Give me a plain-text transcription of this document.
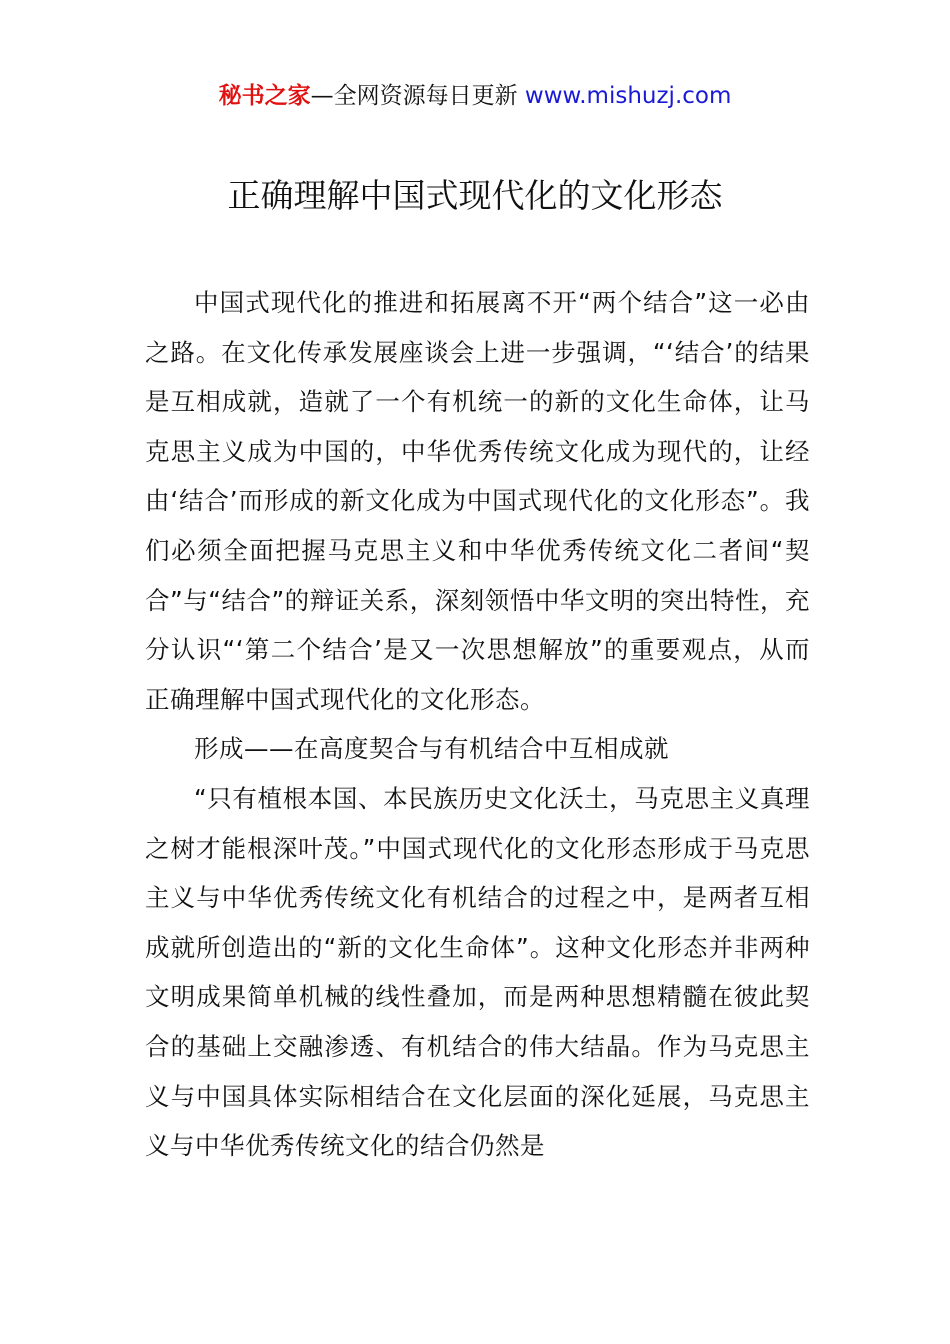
秘书之家—全网资源每日更新 www.mishuzj.com
正确理解中国式现代化的文化形态

中国式现代化的推进和拓展离不开“两个结合”这一必由之路。在文化传承发展座谈会上进一步强调，“‘结合’的结果是互相成就，造就了一个有机统一的新的文化生命体，让马克思主义成为中国的，中华优秀传统文化成为现代的，让经由‘结合’而形成的新文化成为中国式现代化的文化形态”。我们必须全面把握马克思主义和中华优秀传统文化二者间“契合”与“结合”的辩证关系，深刻领悟中华文明的突出特性，充分认识“‘第二个结合’是又一次思想解放”的重要观点，从而正确理解中国式现代化的文化形态。

形成——在高度契合与有机结合中互相成就

“只有植根本国、本民族历史文化沃土，马克思主义真理之树才能根深叶茂。”中国式现代化的文化形态形成于马克思主义与中华优秀传统文化有机结合的过程之中，是两者互相成就所创造出的“新的文化生命体”。这种文化形态并非两种文明成果简单机械的线性叠加，而是两种思想精髓在彼此契合的基础上交融渗透、有机结合的伟大结晶。作为马克思主义与中国具体实际相结合在文化层面的深化延展，马克思主义与中华优秀传统文化的结合仍然是
